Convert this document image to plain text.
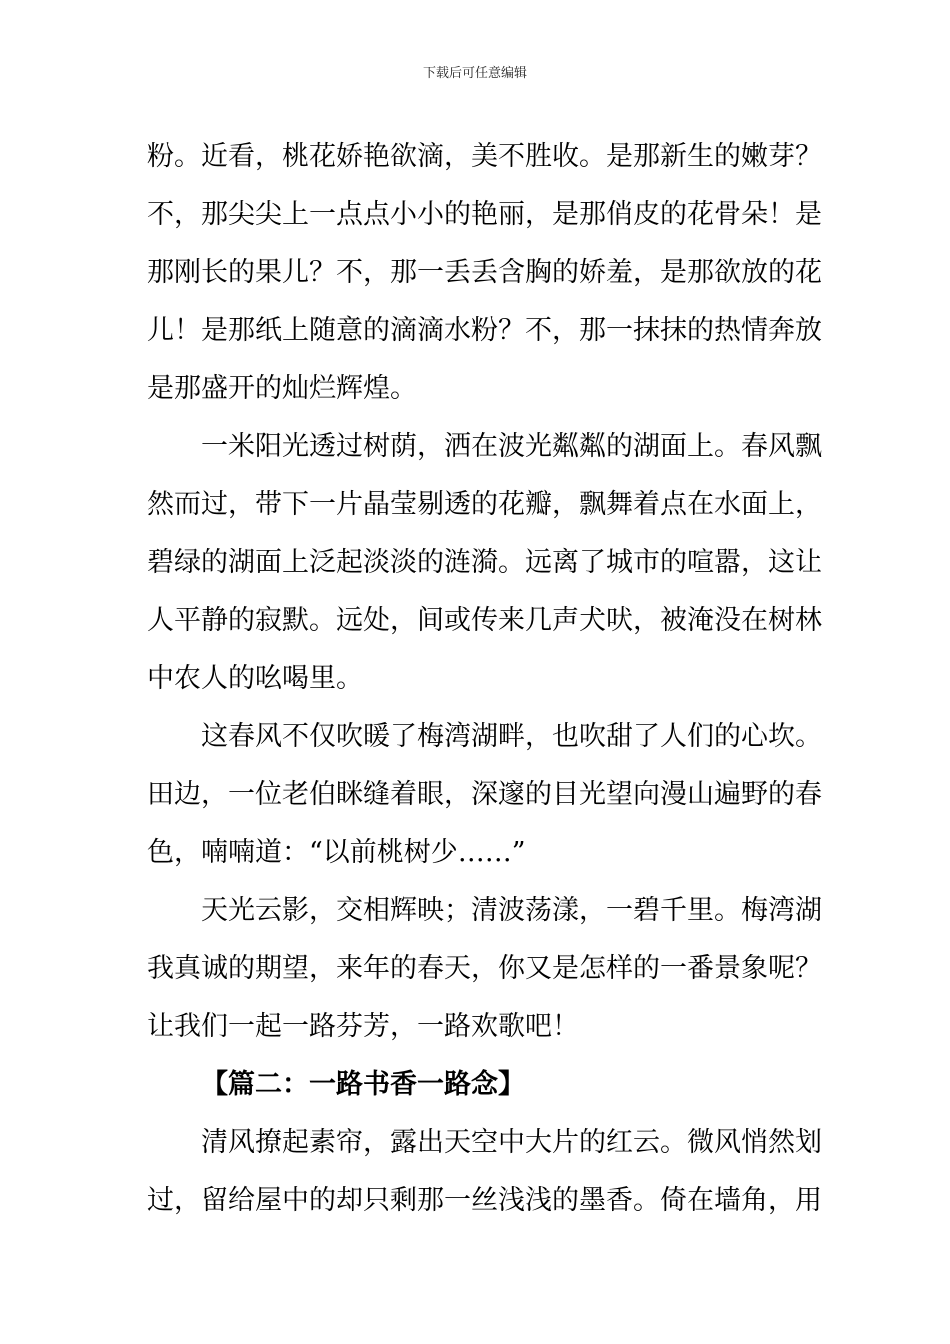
下载后可任意编辑
粉。近看，桃花娇艳欲滴，美不胜收。是那新生的嫩芽？
不，那尖尖上一点点小小的艳丽，是那俏皮的花骨朵！是
那刚长的果儿？不，那一丢丢含胸的娇羞，是那欲放的花
儿！是那纸上随意的滴滴水粉？不，那一抹抹的热情奔放
是那盛开的灿烂辉煌。
一米阳光透过树荫，洒在波光粼粼的湖面上。春风飘
然而过，带下一片晶莹剔透的花瓣，飘舞着点在水面上，
碧绿的湖面上泛起淡淡的涟漪。远离了城市的喧嚣，这让
人平静的寂默。远处，间或传来几声犬吠，被淹没在树林
中农人的吆喝里。
这春风不仅吹暖了梅湾湖畔，也吹甜了人们的心坎。
田边，一位老伯眯缝着眼，深邃的目光望向漫山遍野的春
色，喃喃道：“以前桃树少……”
天光云影，交相辉映；清波荡漾，一碧千里。梅湾湖
我真诚的期望，来年的春天，你又是怎样的一番景象呢？
让我们一起一路芬芳，一路欢歌吧！
【篇二：一路书香一路念】
清风撩起素帘，露出天空中大片的红云。微风悄然划
过，留给屋中的却只剩那一丝浅浅的墨香。倚在墙角，用
